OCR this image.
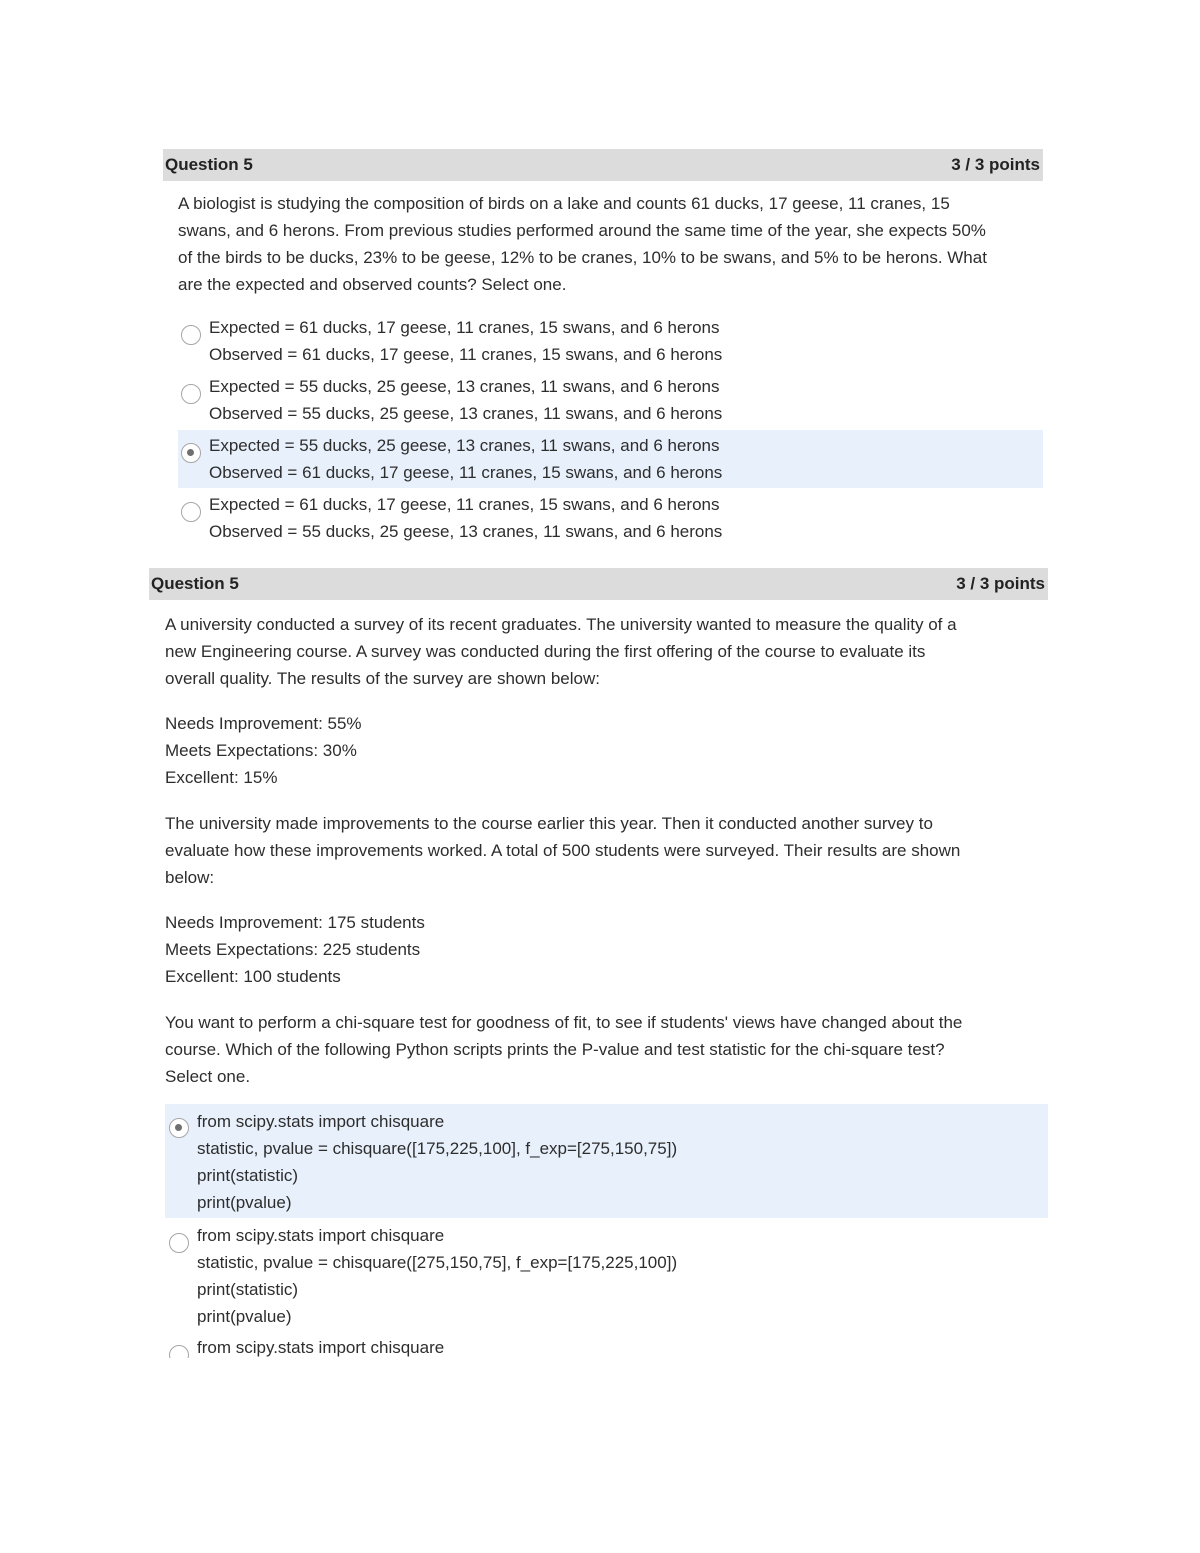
Question 5	3 / 3 points
A biologist is studying the composition of birds on a lake and counts 61 ducks, 17 geese, 11 cranes, 15
swans, and 6 herons. From previous studies performed around the same time of the year, she expects 50%
of the birds to be ducks, 23% to be geese, 12% to be cranes, 10% to be swans, and 5% to be herons. What
are the expected and observed counts? Select one.
Expected = 61 ducks, 17 geese, 11 cranes, 15 swans, and 6 herons
Observed = 61 ducks, 17 geese, 11 cranes, 15 swans, and 6 herons
Expected = 55 ducks, 25 geese, 13 cranes, 11 swans, and 6 herons
Observed = 55 ducks, 25 geese, 13 cranes, 11 swans, and 6 herons
Expected = 55 ducks, 25 geese, 13 cranes, 11 swans, and 6 herons
Observed = 61 ducks, 17 geese, 11 cranes, 15 swans, and 6 herons
Expected = 61 ducks, 17 geese, 11 cranes, 15 swans, and 6 herons
Observed = 55 ducks, 25 geese, 13 cranes, 11 swans, and 6 herons
Question 5	3 / 3 points
A university conducted a survey of its recent graduates. The university wanted to measure the quality of a
new Engineering course. A survey was conducted during the first offering of the course to evaluate its
overall quality. The results of the survey are shown below:
Needs Improvement: 55%
Meets Expectations: 30%
Excellent: 15%
The university made improvements to the course earlier this year. Then it conducted another survey to
evaluate how these improvements worked. A total of 500 students were surveyed. Their results are shown
below:
Needs Improvement: 175 students
Meets Expectations: 225 students
Excellent: 100 students
You want to perform a chi-square test for goodness of fit, to see if students' views have changed about the
course. Which of the following Python scripts prints the P-value and test statistic for the chi-square test?
Select one.
from scipy.stats import chisquare
statistic, pvalue = chisquare([175,225,100], f_exp=[275,150,75])
print(statistic)
print(pvalue)
from scipy.stats import chisquare
statistic, pvalue = chisquare([275,150,75], f_exp=[175,225,100])
print(statistic)
print(pvalue)
from scipy.stats import chisquare
